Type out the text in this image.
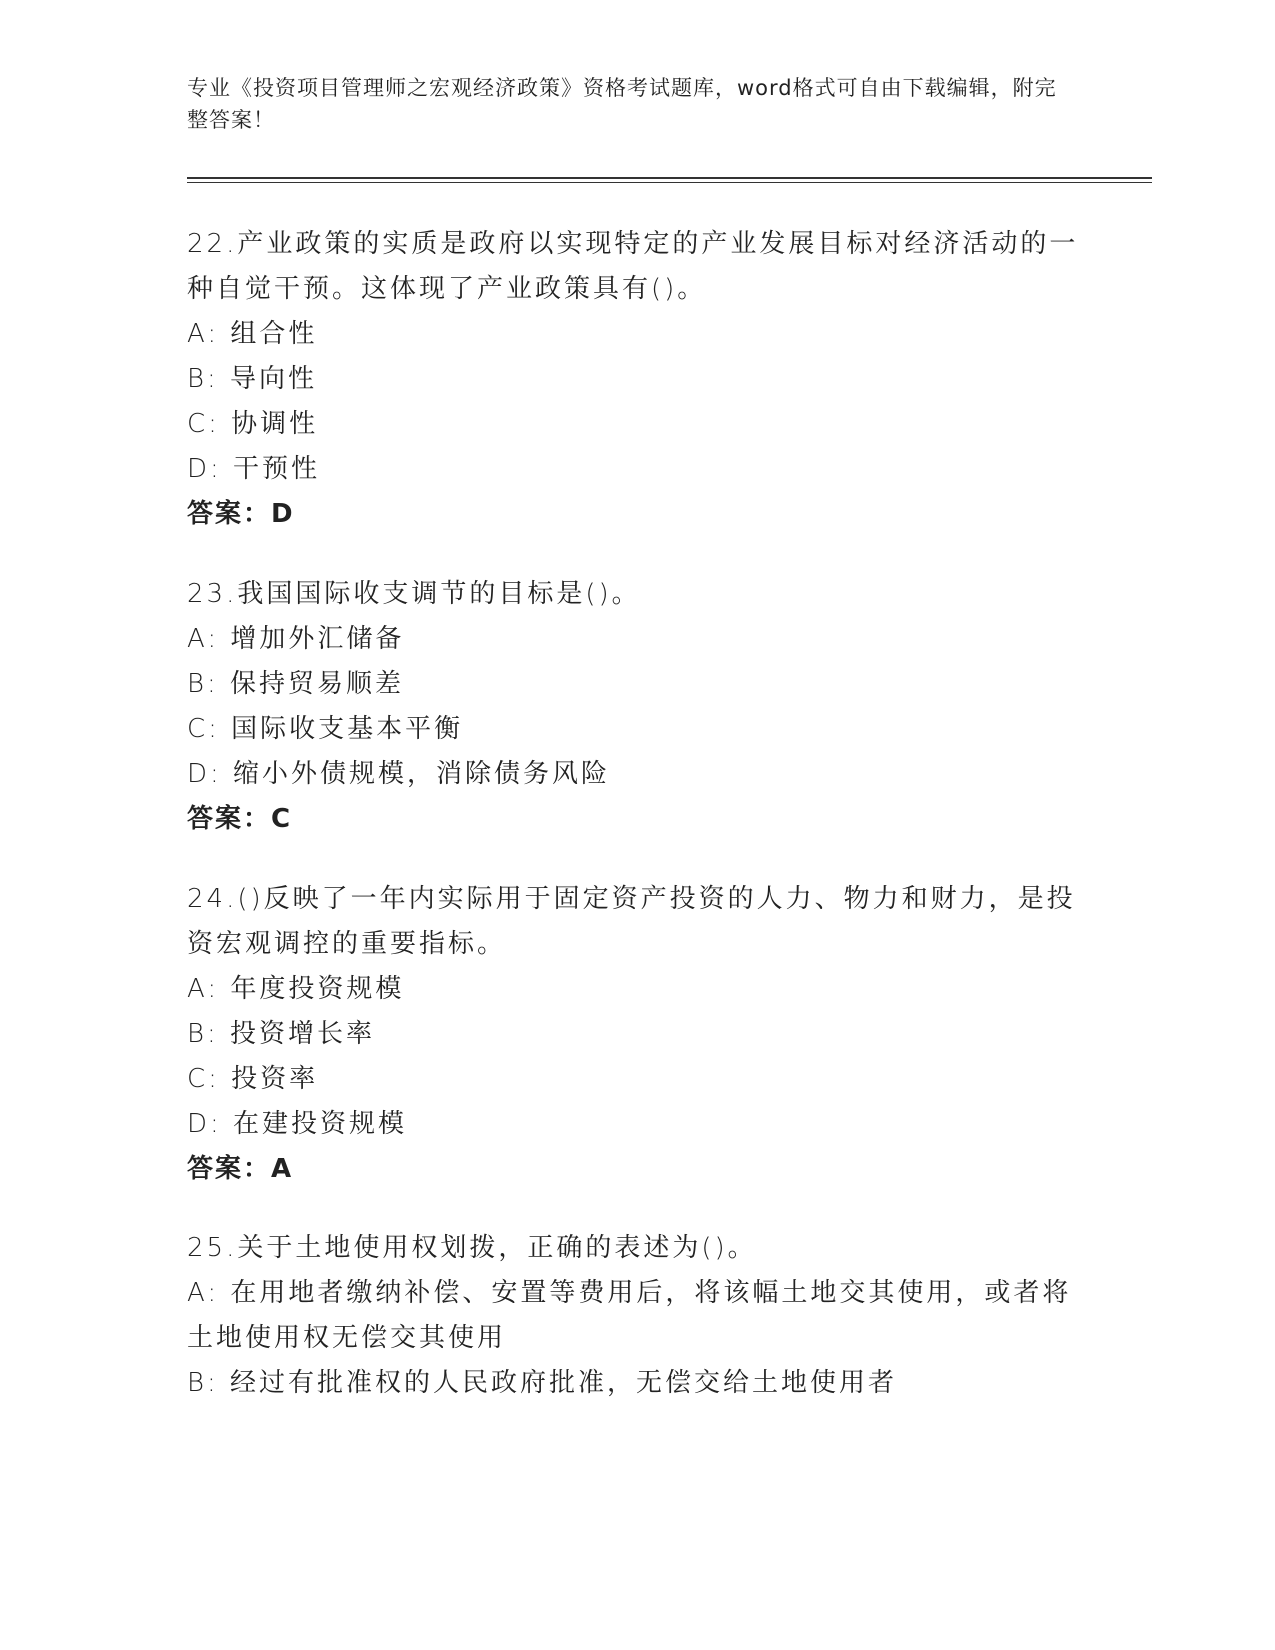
专业《投资项目管理师之宏观经济政策》资格考试题库，word格式可自由下载编辑，附完整答案！

22.产业政策的实质是政府以实现特定的产业发展目标对经济活动的一种自觉干预。这体现了产业政策具有()。

A: 组合性

B: 导向性

C: 协调性

D: 干预性

答案：D

23.我国国际收支调节的目标是()。

A: 增加外汇储备

B: 保持贸易顺差

C: 国际收支基本平衡

D: 缩小外债规模，消除债务风险

答案：C

24.()反映了一年内实际用于固定资产投资的人力、物力和财力，是投资宏观调控的重要指标。

A: 年度投资规模

B: 投资增长率

C: 投资率

D: 在建投资规模

答案：A

25.关于土地使用权划拨，正确的表述为()。

A: 在用地者缴纳补偿、安置等费用后，将该幅土地交其使用，或者将土地使用权无偿交其使用

B: 经过有批准权的人民政府批准，无偿交给土地使用者
